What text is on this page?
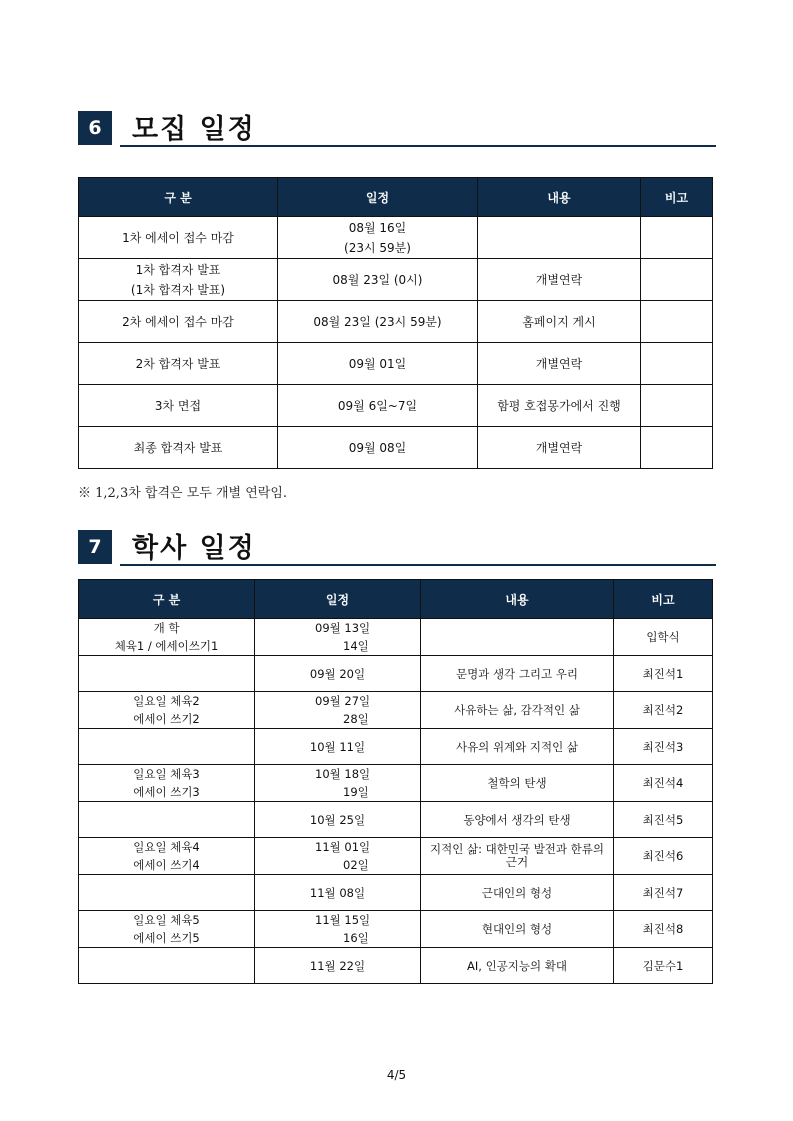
6	모집 일정
구 분	일정	내용	비고

1차 에세이 접수 마감	08월 16일
(23시 59분)		

1차 합격자 발표
(1차 합격자 발표)	08월 23일 (0시)	개별연락	

2차 에세이 접수 마감	08월 23일 (23시 59분)	홈페이지 게시	

2차 합격자 발표	09월 01일	개별연락	

3차 면접	09월 6일~7일	함평 호접몽가에서 진행	

최종 합격자 발표	09월 08일	개별연락	
※ 1,2,3차 합격은 모두 개별 연락임.
7	학사 일정
구 분	일정	내용	비고

개 학
체육1 / 에세이쓰기1	09월 13일
14일		입학식

	09월 20일	문명과 생각 그리고 우리	최진석1

일요일 체육2
에세이 쓰기2	09월 27일
28일	사유하는 삶, 감각적인 삶	최진석2

	10월 11일	사유의 위계와 지적인 삶	최진석3

일요일 체육3
에세이 쓰기3	10월 18일
19일	철학의 탄생	최진석4

	10월 25일	동양에서 생각의 탄생	최진석5

일요일 체육4
에세이 쓰기4	11월 01일
02일	지적인 삶: 대한민국 발전과 한류의 근거	최진석6

	11월 08일	근대인의 형성	최진석7

일요일 체육5
에세이 쓰기5	11월 15일
16일	현대인의 형성	최진석8

	11월 22일	AI, 인공지능의 확대	김문수1
4/5
